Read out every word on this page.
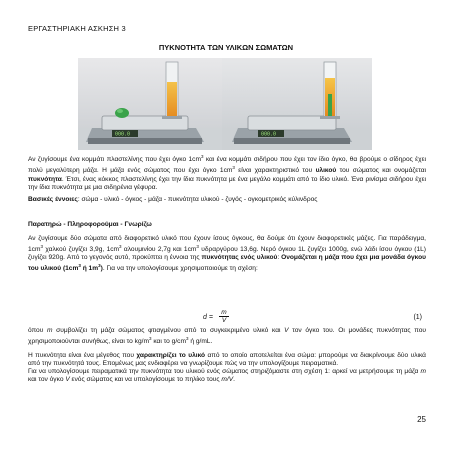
ΕΡΓΑΣΤΗΡΙΑΚΗ ΑΣΚΗΣΗ 3
ΠΥΚΝΟΤΗΤΑ ΤΩΝ ΥΛΙΚΩΝ ΣΩΜΑΤΩΝ
000.0	000.0

Αν ζυγίσουμε ένα κομμάτι πλαστελίνης που έχει όγκο $1cm^3$ και ένα κομμάτι σιδήρου που έχει τον ίδιο όγκο, θα βρούμε ο σίδηρος έχει πολύ μεγαλύτερη μάζα. Η μάζα ενός σώματος που έχει όγκο $1cm^3$ είναι χαρακτηριστικό του υλικού του σώματος και ονομάζεται πυκνότητα. Έτσι, ένας κόκκος πλαστελίνης έχει την ίδια πυκνότητα με ένα μεγάλο κομμάτι από το ίδιο υλικό. Ένα ρινίσμα σιδήρου έχει την ίδια πυκνότητα με μια σιδηρένια γέφυρα.

Βασικές έννοιες: σώμα - υλικό - όγκος - μάζα - πυκνότητα υλικού - ζυγός - ογκομετρικός κύλινδρος

Παρατηρώ - Πληροφορούμαι - Γνωρίζω

Αν ζυγίσουμε δύο σώματα από διαφορετικό υλικό που έχουν ίσους όγκους, θα δούμε ότι έχουν διαφορετικές μάζες. Για παράδειγμα, $1cm^3$ χαλκού ζυγίζει 3,9g, $1cm^3$ αλουμινίου 2,7g και $1cm^3$ υδραργύρου 13,6g. Νερό όγκου 1L ζυγίζει 1000g, ενώ λάδι ίσου όγκου (1L) ζυγίζει 920g. Από το γεγονός αυτό, προκύπτει η έννοια της πυκνότητας ενός υλικού: Ονομάζεται η μάζα που έχει μια μονάδα όγκου του υλικού ($1cm^3$ ή $1m^3$). Για να την υπολογίσουμε χρησιμοποιούμε τη σχέση:

d =
m
V	(1)

όπου m συμβολίζει τη μάζα σώματος φτιαγμένου από το συγκεκριμένο υλικό και V τον όγκο του. Οι μονάδες πυκνότητας που χρησιμοποιούνται συνήθως, είναι το $kg/m^3$ και το $g/cm^3$ ή g/mL.

Η πυκνότητα είναι ένα μέγεθος που χαρακτηρίζει το υλικό από το οποίο αποτελείται ένα σώμα: μπορούμε να διακρίνουμε δύο υλικά από την πυκνότητά τους. Επομένως μας ενδιαφέρει να γνωρίζουμε πώς να την υπολογίζουμε πειραματικά.

Για να υπολογίσουμε πειραματικά την πυκνότητα του υλικού ενός σώματος στηριζόμαστε στη σχέση 1: αρκεί να μετρήσουμε τη μάζα m και τον όγκο V ενός σώματος και να υπολογίσουμε το πηλίκο τους m/V.

25
